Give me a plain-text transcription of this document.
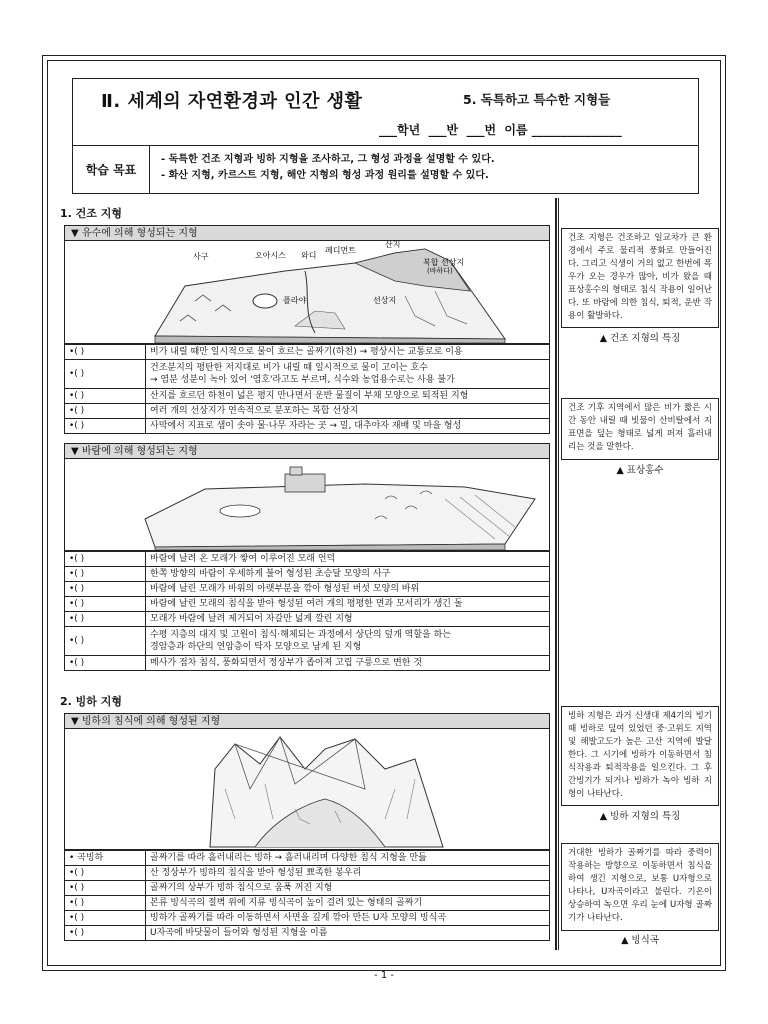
Ⅱ. 세계의 자연환경과 인간 생활	5. 독특하고 특수한 지형들
___학년  ___반  ___번  이름 _______________
학습 목표
- 독특한 건조 지형과 빙하 지형을 조사하고, 그 형성 과정을 설명할 수 있다.
- 화산 지형, 카르스트 지형, 해안 지형의 형성 과정 원리를 설명할 수 있다.
1. 건조 지형
▼ 유수에 의해 형성되는 지형
사구	오아시스 와디
페디먼트
산지
복합 선상지
(바하다)
플라야	선상지
•( )	비가 내릴 때만 일시적으로 물이 흐르는 골짜기(하천) → 평상시는 교통로로 이용
•( )	건조분지의 평탄한 저지대로 비가 내릴 때 일시적으로 물이 고이는 호수
→ 염분 성분이 녹아 있어 '염호'라고도 부르며, 식수와 농업용수로는 사용 불가

•( )	산지를 흐르던 하천이 넓은 평지 만나면서 운반 물질이 부채 모양으로 퇴적된 지형
•( )	여러 개의 선상지가 연속적으로 분포하는 복합 선상지
•( )	사막에서 지표로 샘이 솟아 물·나무 자라는 곳 → 밀, 대추야자 재배 및 마을 형성
▼ 바람에 의해 형성되는 지형
•( )	바람에 날려 온 모래가 쌓여 이루어진 모래 언덕
•( )	한쪽 방향의 바람이 우세하게 불어 형성된 초승달 모양의 사구
•( )	바람에 날린 모래가 바위의 아랫부분을 깎아 형성된 버섯 모양의 바위
•( )	바람에 날린 모래의 침식을 받아 형성된 여러 개의 평평한 면과 모서리가 생긴 돌
•( )	모래가 바람에 날려 제거되어 자갈만 넓게 깔린 지형
•( )	수평 지층의 대지 및 고원이 침식·해체되는 과정에서 상단의 덮개 역할을 하는
경암층과 하단의 연암층이 탁자 모양으로 남게 된 지형

•( )	메사가 점차 침식, 풍화되면서 정상부가 좁아져 고립 구릉으로 변한 것
2. 빙하 지형
▼ 빙하의 침식에 의해 형성된 지형
• 곡빙하	골짜기를 따라 흘러내리는 빙하 → 흘러내리며 다양한 침식 지형을 만듦
•( )	산 정상부가 빙하의 침식을 받아 형성된 뾰족한 봉우리
•( )	골짜기의 상부가 빙하 침식으로 움푹 꺼진 지형
•( )	본류 빙식곡의 절벽 위에 지류 빙식곡이 높이 걸려 있는 형태의 골짜기
•( )	빙하가 골짜기를 따라 이동하면서 사면을 깊게 깎아 만든 U자 모양의 빙식곡
•( )	U자곡에 바닷물이 들어와 형성된 지형을 이름
건조 지형은 건조하고 일교차가 큰 환경에서 주로 물리적 풍화로 만들어진다. 그리고 식생이 거의 없고 한번에 폭우가 오는 경우가 많아, 비가 왔을 때 표상홍수의 형태로 침식 작용이 일어난다. 또 바람에 의한 침식, 퇴적, 운반 작용이 활발하다.
▲ 건조 지형의 특징
건조 기후 지역에서 많은 비가 짧은 시간 동안 내릴 때 빗물이 산비탈에서 지표면을 덮는 형태로 넓게 퍼져 흘러내리는 것을 말한다.
▲ 표상홍수
빙하 지형은 과거 신생대 제4기의 빙기 때 빙하로 덮여 있었던 중·고위도 지역 및 해발고도가 높은 고산 지역에 발달한다. 그 시기에 빙하가 이동하면서 침식작용과 퇴적작용을 일으킨다. 그 후 간빙기가 되거나 빙하가 녹아 빙하 지형이 나타난다.
▲ 빙하 지형의 특징
거대한 빙하가 골짜기를 따라 중력이 작용하는 방향으로 이동하면서 침식을 하여 생긴 지형으로, 보통 U자형으로 나타나, U자곡이라고 불린다. 기온이 상승하여 녹으면 우리 눈에 U자형 골짜기가 나타난다.
▲ 빙식곡
- 1 -
